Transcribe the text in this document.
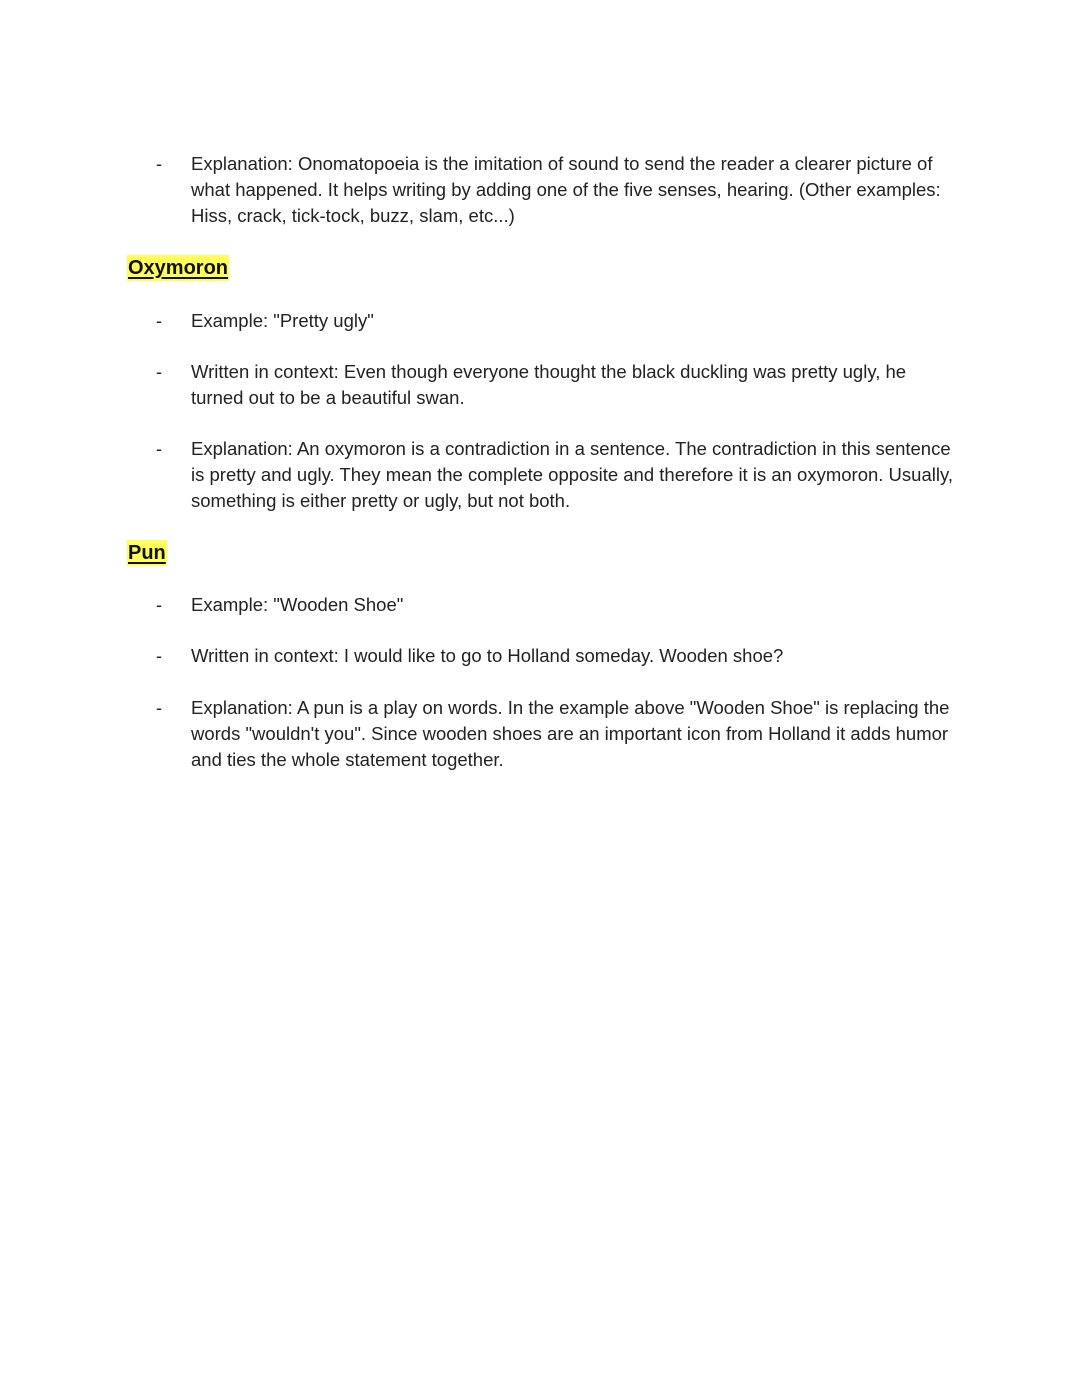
- Explanation: Onomatopoeia is the imitation of sound to send the reader a clearer picture of what happened. It helps writing by adding one of the five senses, hearing. (Other examples: Hiss, crack, tick-tock, buzz, slam, etc...)
Oxymoron
- Example: "Pretty ugly"
- Written in context: Even though everyone thought the black duckling was pretty ugly, he turned out to be a beautiful swan.
- Explanation: An oxymoron is a contradiction in a sentence. The contradiction in this sentence is pretty and ugly. They mean the complete opposite and therefore it is an oxymoron. Usually, something is either pretty or ugly, but not both.
Pun
- Example: "Wooden Shoe"
- Written in context: I would like to go to Holland someday. Wooden shoe?
- Explanation: A pun is a play on words. In the example above "Wooden Shoe" is replacing the words "wouldn't you". Since wooden shoes are an important icon from Holland it adds humor and ties the whole statement together.
